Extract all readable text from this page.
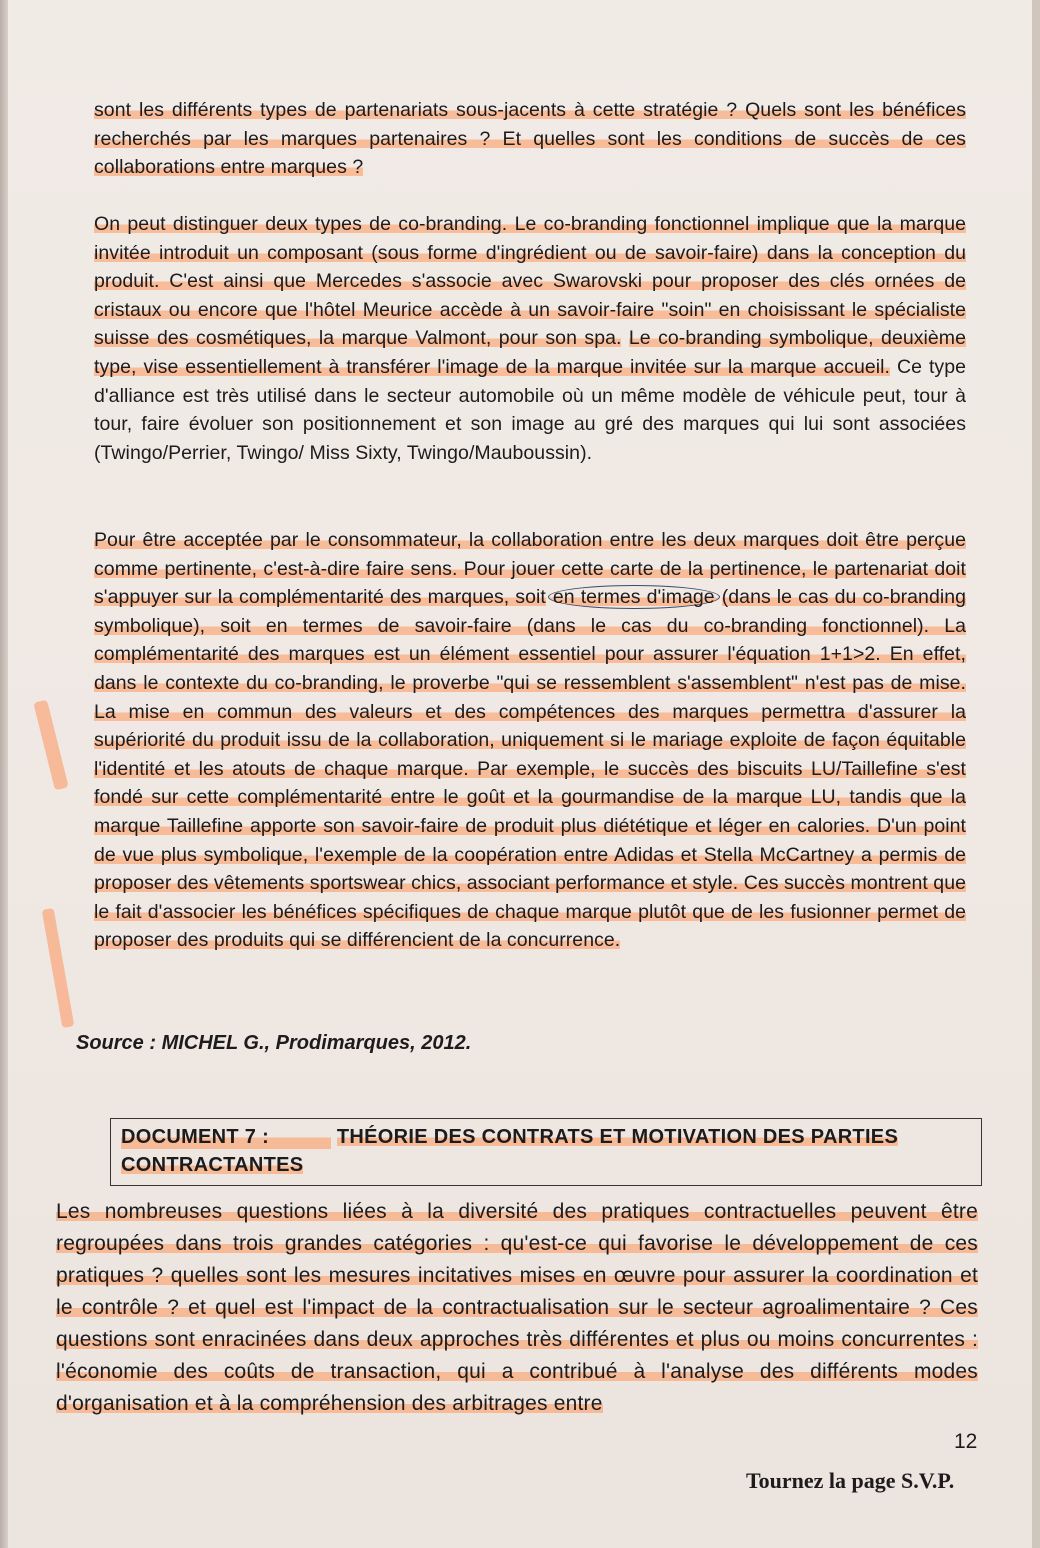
sont les différents types de partenariats sous-jacents à cette stratégie ? Quels sont les bénéfices recherchés par les marques partenaires ? Et quelles sont les conditions de succès de ces collaborations entre marques ?

On peut distinguer deux types de co-branding. Le co-branding fonctionnel implique que la marque invitée introduit un composant (sous forme d'ingrédient ou de savoir-faire) dans la conception du produit. C'est ainsi que Mercedes s'associe avec Swarovski pour proposer des clés ornées de cristaux ou encore que l'hôtel Meurice accède à un savoir-faire "soin" en choisissant le spécialiste suisse des cosmétiques, la marque Valmont, pour son spa. Le co-branding symbolique, deuxième type, vise essentiellement à transférer l'image de la marque invitée sur la marque accueil. Ce type d'alliance est très utilisé dans le secteur automobile où un même modèle de véhicule peut, tour à tour, faire évoluer son positionnement et son image au gré des marques qui lui sont associées (Twingo/Perrier, Twingo/ Miss Sixty, Twingo/Mauboussin).

Pour être acceptée par le consommateur, la collaboration entre les deux marques doit être perçue comme pertinente, c'est-à-dire faire sens. Pour jouer cette carte de la pertinence, le partenariat doit s'appuyer sur la complémentarité des marques, soit en termes d'image (dans le cas du co-branding symbolique), soit en termes de savoir-faire (dans le cas du co-branding fonctionnel). La complémentarité des marques est un élément essentiel pour assurer l'équation 1+1>2. En effet, dans le contexte du co-branding, le proverbe "qui se ressemblent s'assemblent" n'est pas de mise. La mise en commun des valeurs et des compétences des marques permettra d'assurer la supériorité du produit issu de la collaboration, uniquement si le mariage exploite de façon équitable l'identité et les atouts de chaque marque. Par exemple, le succès des biscuits LU/Taillefine s'est fondé sur cette complémentarité entre le goût et la gourmandise de la marque LU, tandis que la marque Taillefine apporte son savoir-faire de produit plus diététique et léger en calories. D'un point de vue plus symbolique, l'exemple de la coopération entre Adidas et Stella McCartney a permis de proposer des vêtements sportswear chics, associant performance et style. Ces succès montrent que le fait d'associer les bénéfices spécifiques de chaque marque plutôt que de les fusionner permet de proposer des produits qui se différencient de la concurrence.

Source : MICHEL G., Prodimarques, 2012.
DOCUMENT 7 :	THÉORIE DES CONTRATS ET MOTIVATION DES PARTIES
CONTRACTANTES

Les nombreuses questions liées à la diversité des pratiques contractuelles peuvent être regroupées dans trois grandes catégories : qu'est-ce qui favorise le développement de ces pratiques ? quelles sont les mesures incitatives mises en œuvre pour assurer la coordination et le contrôle ? et quel est l'impact de la contractualisation sur le secteur agroalimentaire ? Ces questions sont enracinées dans deux approches très différentes et plus ou moins concurrentes : l'économie des coûts de transaction, qui a contribué à l'analyse des différents modes d'organisation et à la compréhension des arbitrages entre

12
Tournez la page S.V.P.
